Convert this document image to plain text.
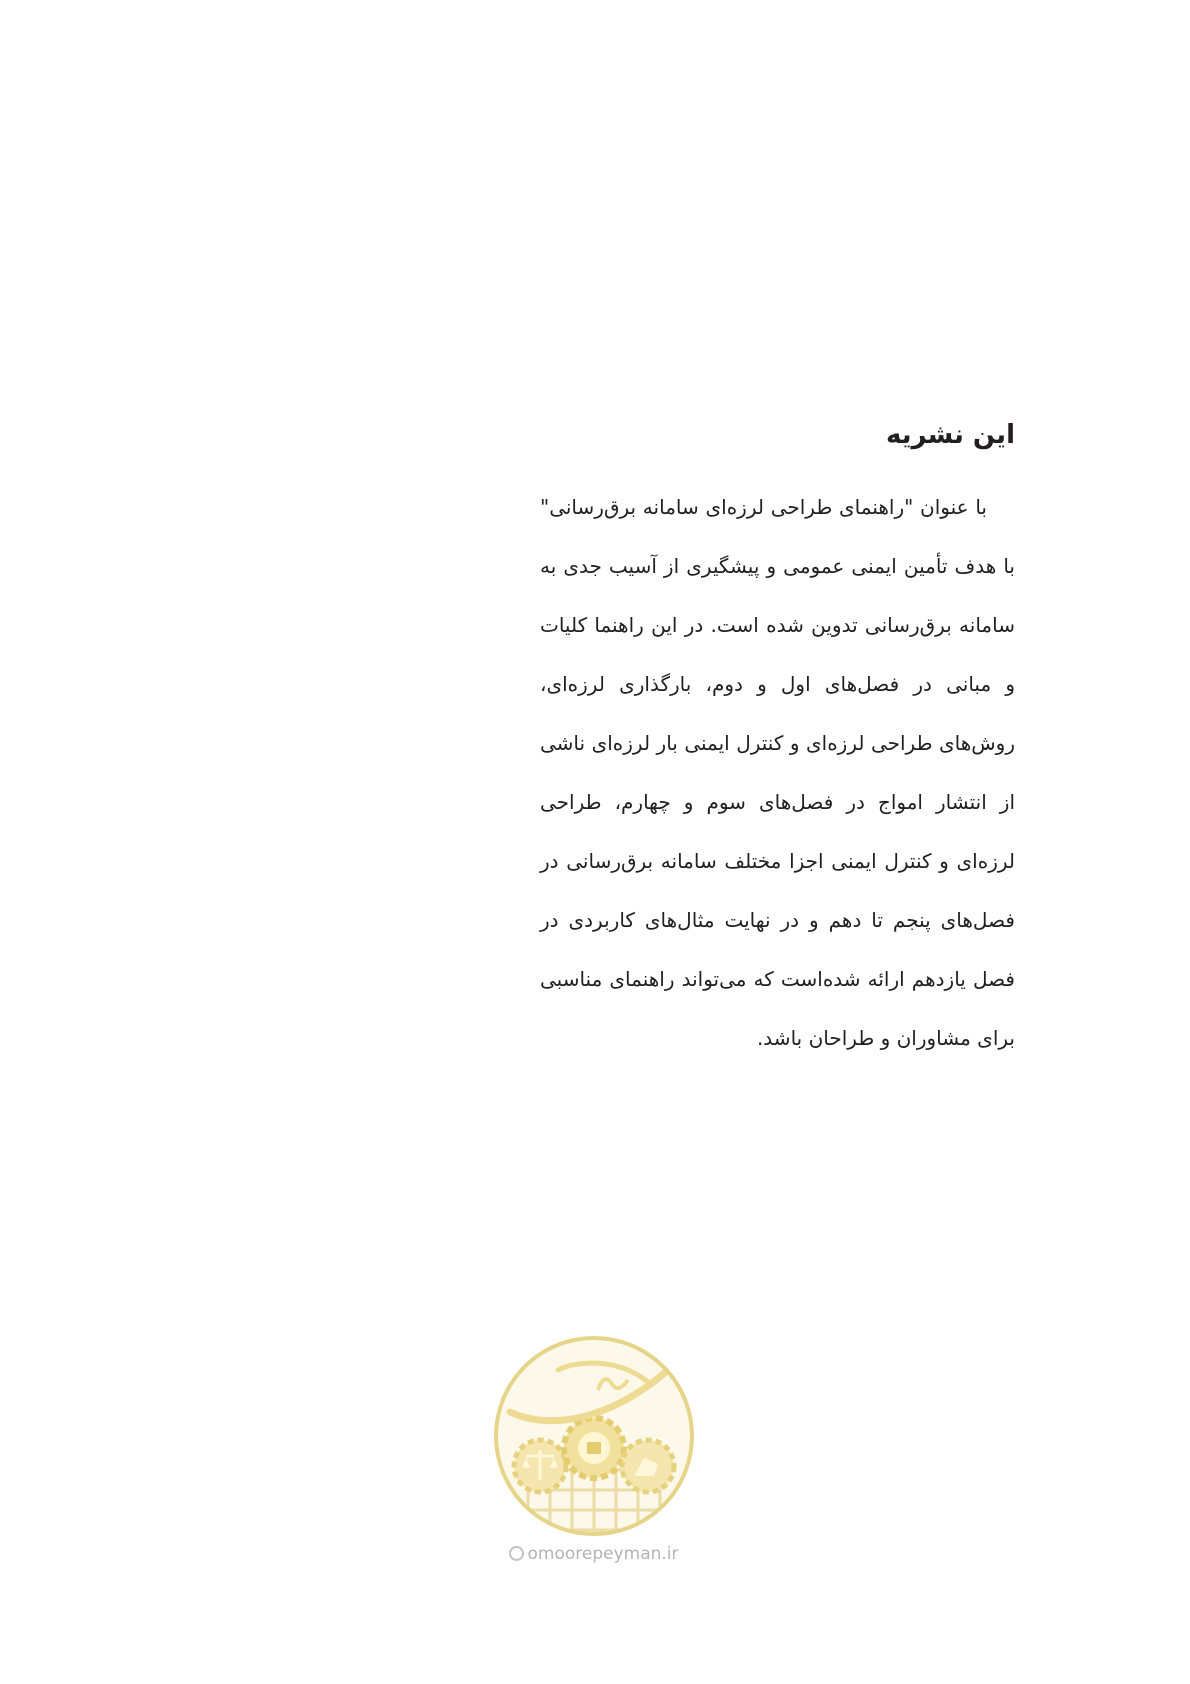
این نشریه

با عنوان "راهنمای طراحی لرزه‌ای سامانه برق‌رسانی" با هدف تأمین ایمنی عمومی و پیشگیری از آسیب جدی به سامانه برق‌رسانی تدوین شده است. در این راهنما کلیات و مبانی در فصل‌های اول و دوم، بارگذاری لرزه‌ای، روش‌های طراحی لرزه‌ای و کنترل ایمنی بار لرزه‌ای ناشی از انتشار امواج در فصل‌های سوم و چهارم، طراحی لرزه‌ای و کنترل ایمنی اجزا مختلف سامانه برق‌رسانی در فصل‌های پنجم تا دهم و در نهایت مثال‌های کاربردی در فصل یازدهم ارائه شده‌است که می‌تواند راهنمای مناسبی برای مشاوران و طراحان باشد.

omoorepeyman.ir
